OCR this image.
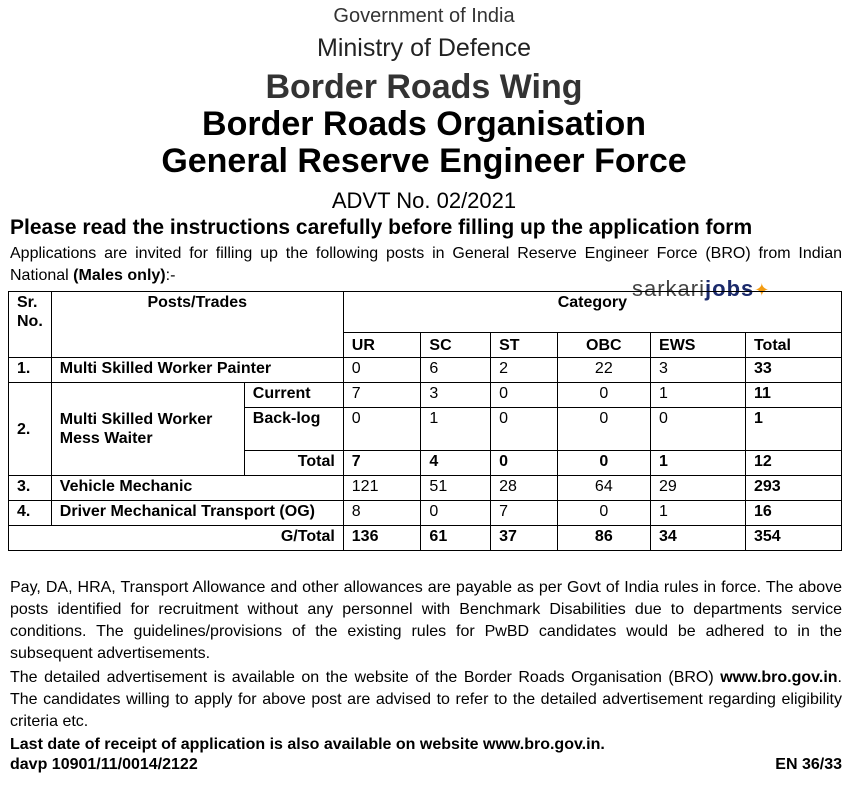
Government of India
Ministry of Defence
Border Roads Wing
Border Roads Organisation
General Reserve Engineer Force
ADVT No. 02/2021
Please read the instructions carefully before filling up the application form
Applications are invited for filling up the following posts in General Reserve Engineer Force (BRO) from Indian National (Males only):-
sarkarijobs✦
Sr. No.	Posts/Trades		Category					
			UR	SC	ST	OBC	EWS	Total
1.	Multi Skilled Worker Painter		0	6	2	22	3	33
2.	Multi Skilled Worker Mess Waiter	Current	7	3	0	0	1	11
		Back-log	0	1	0	0	0	1
		Total	7	4	0	0	1	12
3.	Vehicle Mechanic		121	51	28	64	29	293
4.	Driver Mechanical Transport (OG)		8	0	7	0	1	16
G/Total			136	61	37	86	34	354
Pay, DA, HRA, Transport Allowance and other allowances are payable as per Govt of India rules in force. The above posts identified for recruitment without any personnel with Benchmark Disabilities due to departments service conditions. The guidelines/provisions of the existing rules for PwBD candidates would be adhered to in the subsequent advertisements.
The detailed advertisement is available on the website of the Border Roads Organisation (BRO) www.bro.gov.in. The candidates willing to apply for above post are advised to refer to the detailed advertisement regarding eligibility criteria etc.
Last date of receipt of application is also available on website www.bro.gov.in.
davp 10901/11/0014/2122	EN 36/33
